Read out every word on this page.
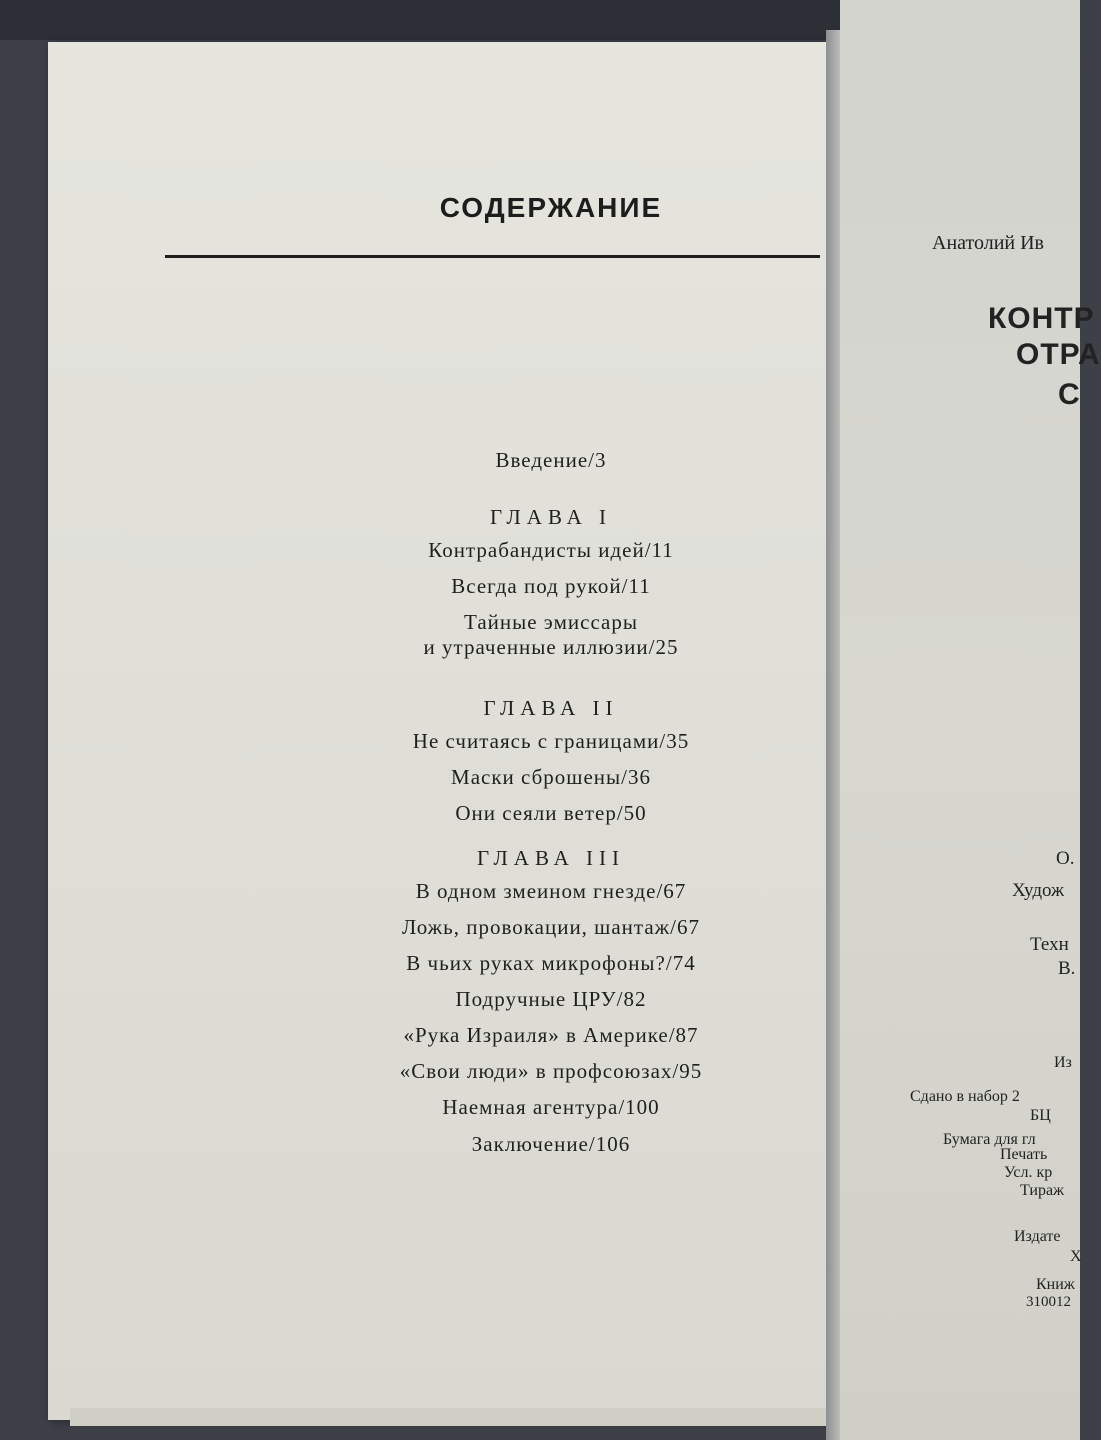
СОДЕРЖАНИЕ
Введение/3
ГЛАВА I
Контрабандисты идей/11
Всегда под рукой/11
Тайные эмиссары
и утраченные иллюзии/25
ГЛАВА II
Не считаясь с границами/35
Маски сброшены/36
Они сеяли ветер/50
ГЛАВА III
В одном змеином гнезде/67
Ложь, провокации, шантаж/67
В чьих руках микрофоны?/74
Подручные ЦРУ/82
«Рука Израиля» в Америке/87
«Свои люди» в профсоюзах/95
Наемная агентура/100
Заключение/106
Анатолий Ив
КОНТР
ОТРА
С
О.
Худож
Техн
В.
Из
Сдано в набор 2
БЦ
Бумага для гл
Печать
Усл. кр
Тираж
Издате
Х
Книж
310012
